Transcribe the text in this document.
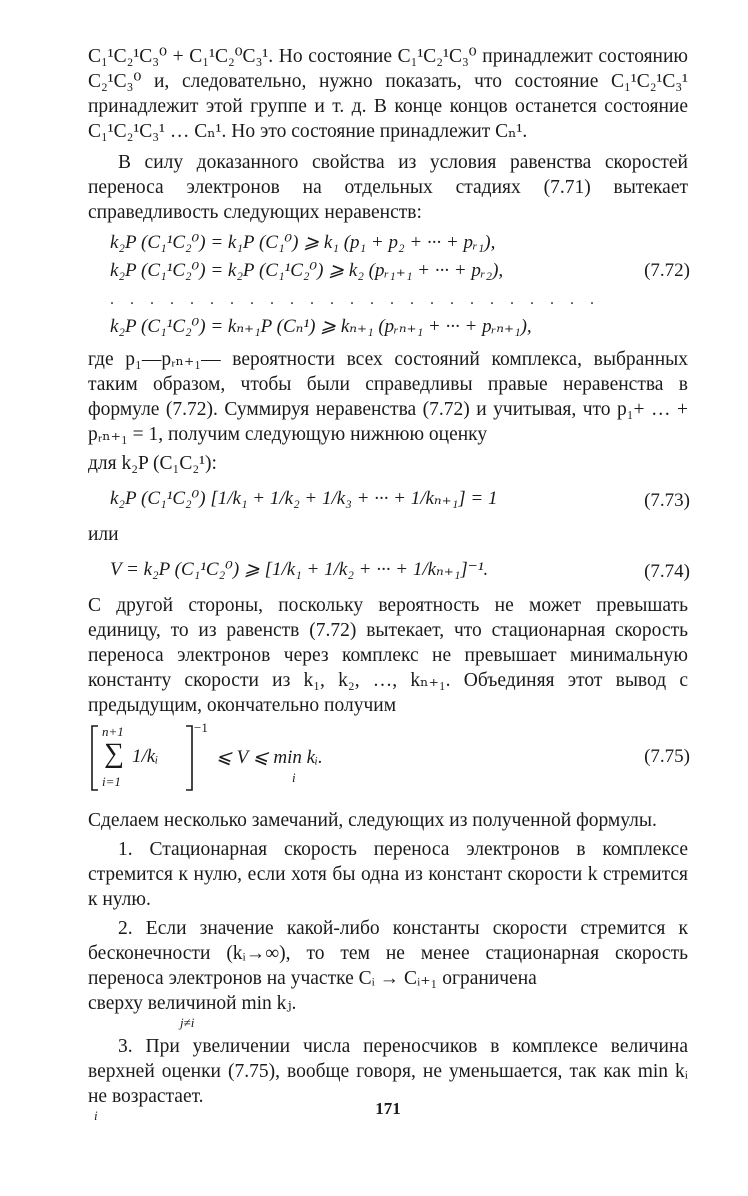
C₁¹C₂¹C₃⁰ + C₁¹C₂⁰C₃¹. Но состояние C₁¹C₂¹C₃⁰ принадлежит состоянию C₂¹C₃⁰ и, следовательно, нужно показать, что состояние C₁¹C₂¹C₃¹ принадлежит этой группе и т. д. В конце концов останется состояние C₁¹C₂¹C₃¹ … Cₙ¹. Но это состояние принадлежит Cₙ¹.

В силу доказанного свойства из условия равенства скоростей переноса электронов на отдельных стадиях (7.71) вытекает справедливость следующих неравенств:

k₂P (C₁¹C₂⁰) = k₁P (C₁⁰) ⩾ k₁ (p₁ + p₂ + ··· + pᵣ₁),
(7.72)
k₂P (C₁¹C₂⁰) = k₂P (C₁¹C₂⁰) ⩾ k₂ (pᵣ₁₊₁ + ··· + pᵣ₂),
. . . . . . . . . . . . . . . . . . . . . . . . .
k₂P (C₁¹C₂⁰) = kₙ₊₁P (Cₙ¹) ⩾ kₙ₊₁ (pᵣₙ₊₁ + ··· + pᵣₙ₊₁),

где p₁—pᵣₙ₊₁— вероятности всех состояний комплекса, выбранных таким образом, чтобы были справедливы правые неравенства в формуле (7.72). Суммируя неравенства (7.72) и учитывая, что p₁+ … + pᵣₙ₊₁ = 1, получим следующую нижнюю оценку

для k₂P (C₁C₂¹):

k₂P (C₁¹C₂⁰) [1/k₁ + 1/k₂ + 1/k₃ + ··· + 1/kₙ₊₁] = 1	(7.73)

или

V = k₂P (C₁¹C₂⁰) ⩾ [1/k₁ + 1/k₂ + ··· + 1/kₙ₊₁]⁻¹.	(7.74)

С другой стороны, поскольку вероятность не может превышать единицу, то из равенств (7.72) вытекает, что стационарная скорость переноса электронов через комплекс не превышает минимальную константу скорости из k₁, k₂, …, kₙ₊₁. Объединяя этот вывод с предыдущим, окончательно получим

n+1
∑ 1/kᵢ
i=1
−1
⩽ V ⩽ min kᵢ.
i
(7.75)

Сделаем несколько замечаний, следующих из полученной формулы.

1. Стационарная скорость переноса электронов в комплексе стремится к нулю, если хотя бы одна из констант скорости k стремится к нулю.

2. Если значение какой-либо константы скорости стремится к бесконечности (kᵢ→∞), то тем не менее стационарная скорость переноса электронов на участке Cᵢ → Cᵢ₊₁ ограничена

сверху величиной min kⱼ.

j≠i

3. При увеличении числа переносчиков в комплексе величина верхней оценки (7.75), вообще говоря, не уменьшается, так как min kᵢ не возрастает.

i	171
